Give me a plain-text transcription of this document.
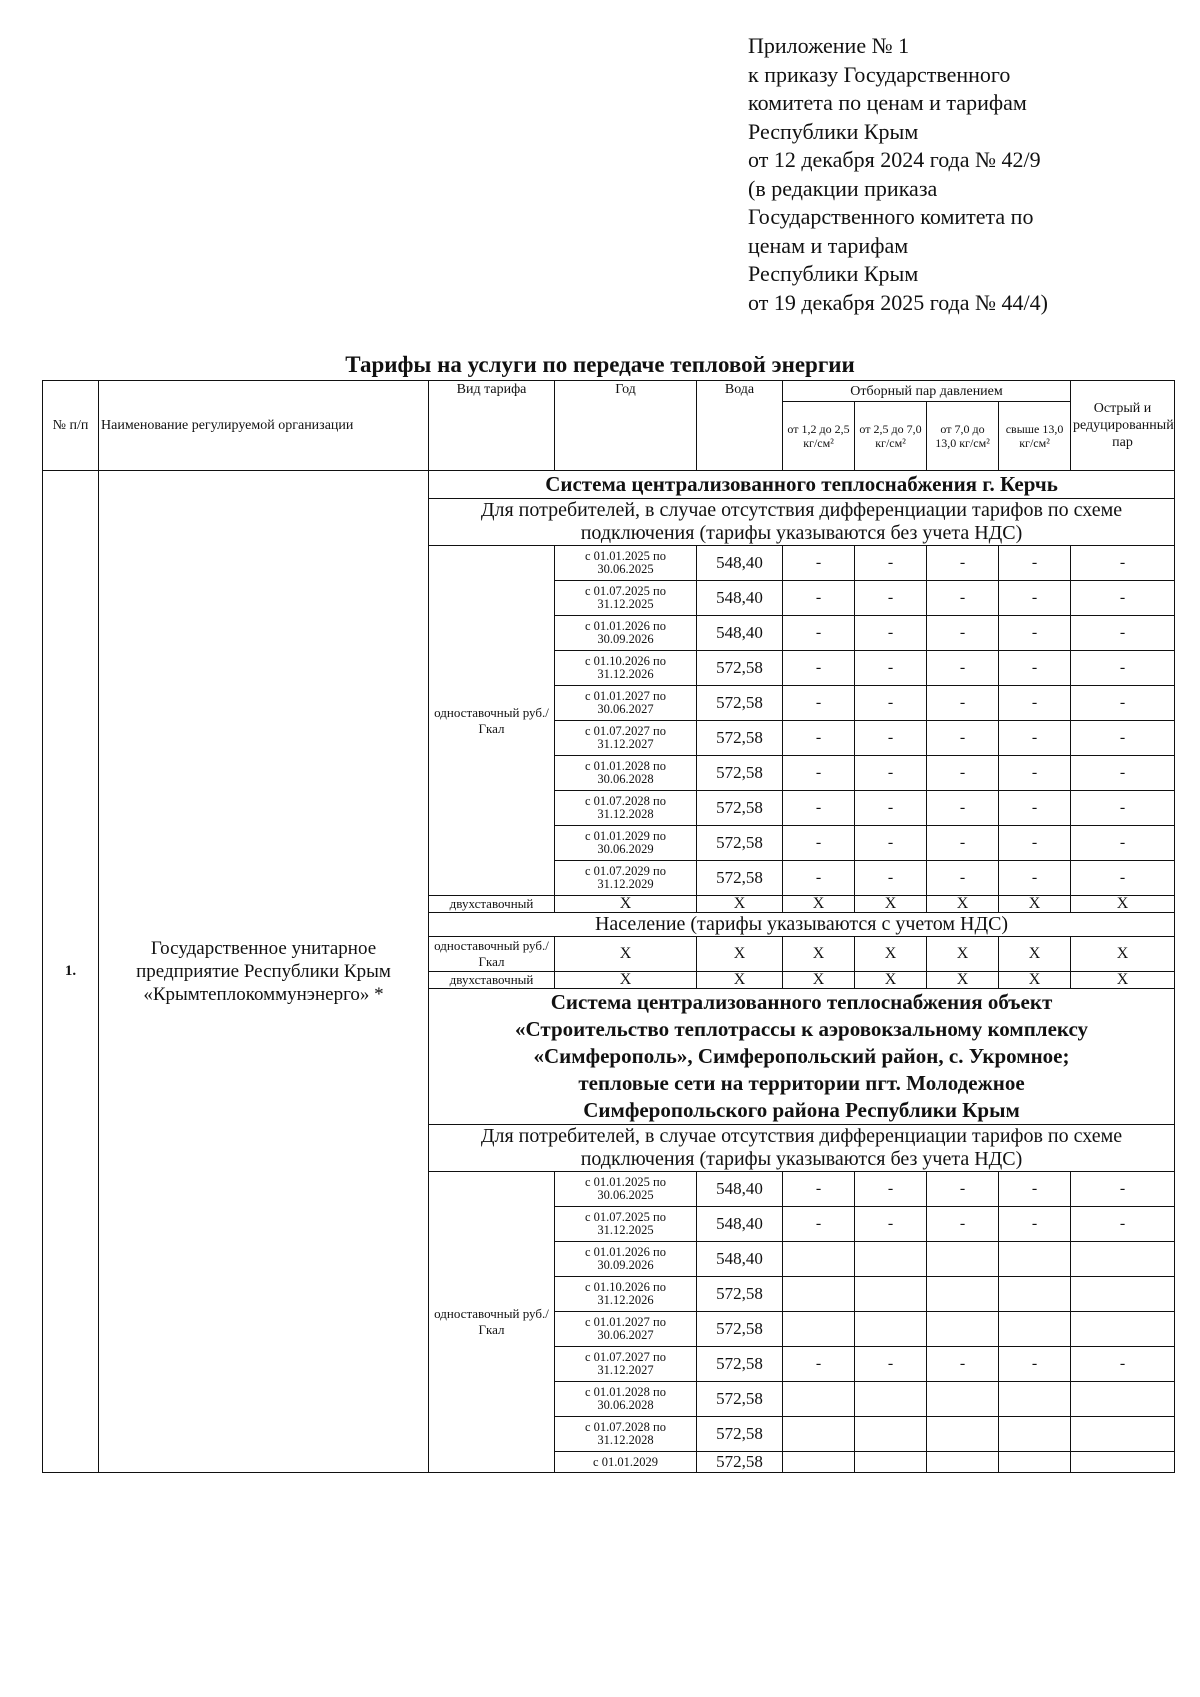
Приложение № 1
к приказу Государственного
комитета по ценам и тарифам
Республики Крым
от 12 декабря 2024 года № 42/9
(в редакции приказа
Государственного комитета по
ценам и тарифам
Республики Крым
от 19 декабря 2025 года № 44/4)
Тарифы на услуги по передаче тепловой энергии
№ п/п	Наименование регулируемой организации	Вид тарифа	Год	Вода	Отборный пар давлением				Острый и редуцированный пар
					от 1,2 до 2,5 кг/см²	от 2,5 до 7,0 кг/см²	от 7,0 до 13,0 кг/см²	свыше 13,0 кг/см²	
1.	Государственное унитарное предприятие Республики Крым «Крымтеплокоммунэнерго» *	Система централизованного теплоснабжения г. Керчь							
		Для потребителей, в случае отсутствия дифференциации тарифов по схеме подключения (тарифы указываются без учета НДС)							
		одноставочный руб./Гкал	с 01.01.2025 по 30.06.2025	548,40	-	-	-	-	-
			с 01.07.2025 по 31.12.2025	548,40	-	-	-	-	-
			с 01.01.2026 по 30.09.2026	548,40	-	-	-	-	-
			с 01.10.2026 по 31.12.2026	572,58	-	-	-	-	-
			с 01.01.2027 по 30.06.2027	572,58	-	-	-	-	-
			с 01.07.2027 по 31.12.2027	572,58	-	-	-	-	-
			с 01.01.2028 по 30.06.2028	572,58	-	-	-	-	-
			с 01.07.2028 по 31.12.2028	572,58	-	-	-	-	-
			с 01.01.2029 по 30.06.2029	572,58	-	-	-	-	-
			с 01.07.2029 по 31.12.2029	572,58	-	-	-	-	-
		двухставочный	X	X	X	X	X	X	X
		Население (тарифы указываются с учетом НДС)							
		одноставочный руб./Гкал	X	X	X	X	X	X	X
		двухставочный	X	X	X	X	X	X	X

		Система централизованного теплоснабжения объект
«Строительство теплотрассы к аэровокзальному комплексу
«Симферополь», Симферопольский район, с. Укромное;
тепловые сети на территории пгт. Молодежное
Симферопольского района Республики Крым							

		Для потребителей, в случае отсутствия дифференциации тарифов по схеме подключения (тарифы указываются без учета НДС)							
		одноставочный руб./Гкал	с 01.01.2025 по 30.06.2025	548,40	-	-	-	-	-
			с 01.07.2025 по 31.12.2025	548,40	-	-	-	-	-
			с 01.01.2026 по 30.09.2026	548,40					
			с 01.10.2026 по 31.12.2026	572,58					
			с 01.01.2027 по 30.06.2027	572,58					
			с 01.07.2027 по 31.12.2027	572,58	-	-	-	-	-
			с 01.01.2028 по 30.06.2028	572,58					
			с 01.07.2028 по 31.12.2028	572,58					
			с 01.01.2029	572,58					
